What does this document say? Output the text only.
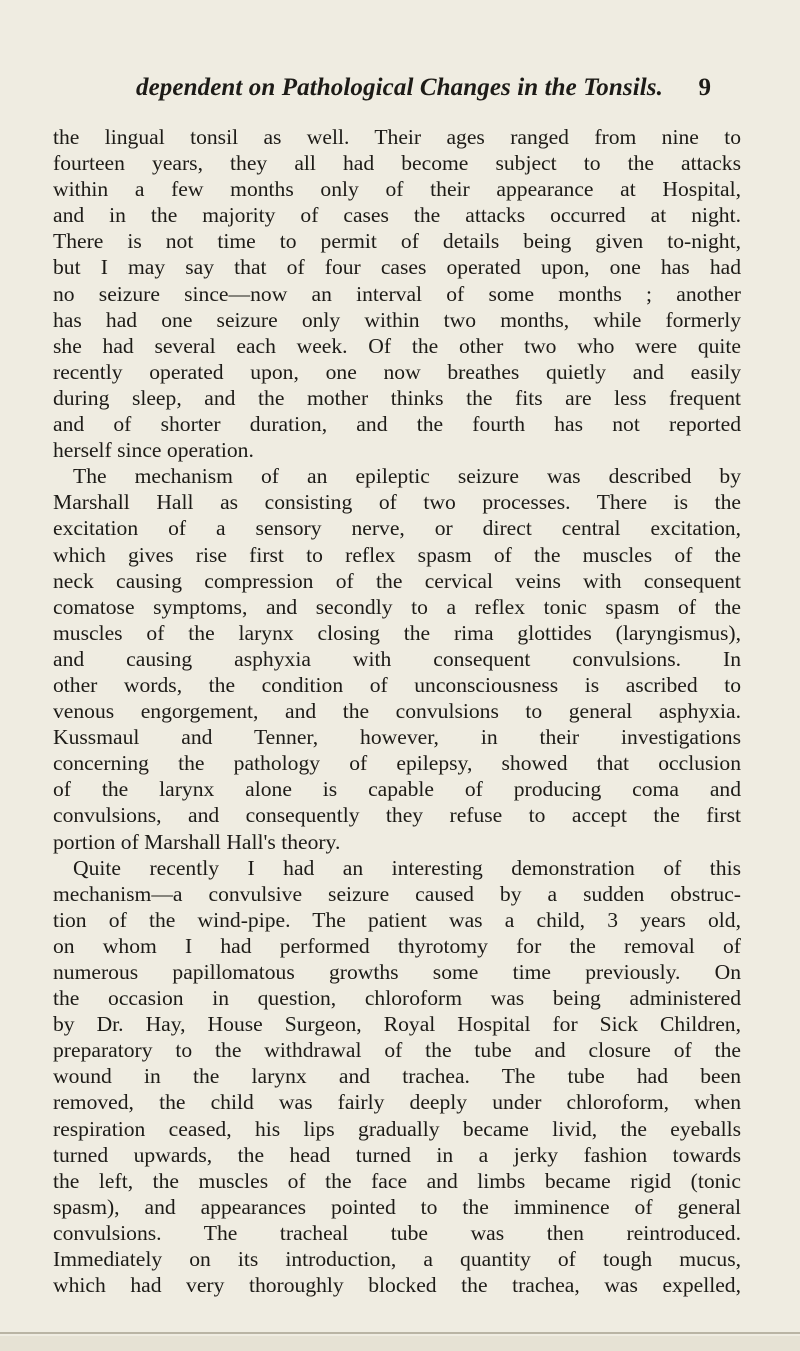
dependent on Pathological Changes in the Tonsils. 9
the lingual tonsil as well. Their ages ranged from nine to
fourteen years, they all had become subject to the attacks
within a few months only of their appearance at Hospital,
and in the majority of cases the attacks occurred at night.
There is not time to permit of details being given to-night,
but I may say that of four cases operated upon, one has had
no seizure since—now an interval of some months ; another
has had one seizure only within two months, while formerly
she had several each week. Of the other two who were quite
recently operated upon, one now breathes quietly and easily
during sleep, and the mother thinks the fits are less frequent
and of shorter duration, and the fourth has not reported
herself since operation.
The mechanism of an epileptic seizure was described by
Marshall Hall as consisting of two processes. There is the
excitation of a sensory nerve, or direct central excitation,
which gives rise first to reflex spasm of the muscles of the
neck causing compression of the cervical veins with consequent
comatose symptoms, and secondly to a reflex tonic spasm of the
muscles of the larynx closing the rima glottides (laryngismus),
and causing asphyxia with consequent convulsions. In
other words, the condition of unconsciousness is ascribed to
venous engorgement, and the convulsions to general asphyxia.
Kussmaul and Tenner, however, in their investigations
concerning the pathology of epilepsy, showed that occlusion
of the larynx alone is capable of producing coma and
convulsions, and consequently they refuse to accept the first
portion of Marshall Hall's theory.
Quite recently I had an interesting demonstration of this
mechanism—a convulsive seizure caused by a sudden obstruc-
tion of the wind-pipe. The patient was a child, 3 years old,
on whom I had performed thyrotomy for the removal of
numerous papillomatous growths some time previously. On
the occasion in question, chloroform was being administered
by Dr. Hay, House Surgeon, Royal Hospital for Sick Children,
preparatory to the withdrawal of the tube and closure of the
wound in the larynx and trachea. The tube had been
removed, the child was fairly deeply under chloroform, when
respiration ceased, his lips gradually became livid, the eyeballs
turned upwards, the head turned in a jerky fashion towards
the left, the muscles of the face and limbs became rigid (tonic
spasm), and appearances pointed to the imminence of general
convulsions. The tracheal tube was then reintroduced.
Immediately on its introduction, a quantity of tough mucus,
which had very thoroughly blocked the trachea, was expelled,
